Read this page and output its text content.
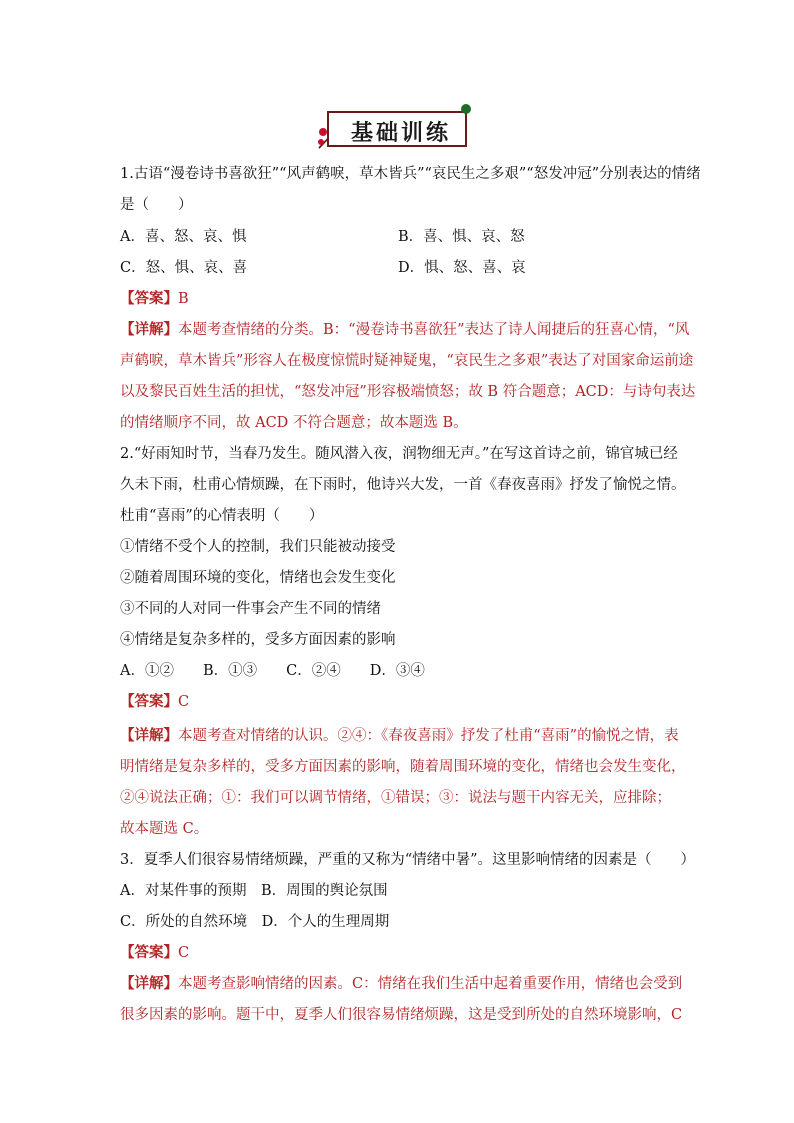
基础训练
1.古语“漫卷诗书喜欲狂”“风声鹤唳，草木皆兵”“哀民生之多艰”“怒发冲冠”分别表达的情绪
是（　　）
A．喜、怒、哀、惧	B．喜、惧、哀、怒
C．怒、惧、哀、喜	D．惧、怒、喜、哀
【答案】B
【详解】本题考查情绪的分类。B：“漫卷诗书喜欲狂”表达了诗人闻捷后的狂喜心情，“风
声鹤唳，草木皆兵”形容人在极度惊慌时疑神疑鬼，“哀民生之多艰”表达了对国家命运前途
以及黎民百姓生活的担忧，“怒发冲冠”形容极端愤怒；故 B 符合题意；ACD：与诗句表达
的情绪顺序不同，故 ACD 不符合题意；故本题选 B。
2.“好雨知时节，当春乃发生。随风潜入夜，润物细无声。”在写这首诗之前，锦官城已经
久未下雨，杜甫心情烦躁，在下雨时，他诗兴大发，一首《春夜喜雨》抒发了愉悦之情。
杜甫“喜雨”的心情表明（　　）
①情绪不受个人的控制，我们只能被动接受
②随着周围环境的变化，情绪也会发生变化
③不同的人对同一件事会产生不同的情绪
④情绪是复杂多样的，受多方面因素的影响
A．①②　　B．①③　　C．②④　　D．③④
【答案】C
【详解】本题考查对情绪的认识。②④：《春夜喜雨》抒发了杜甫“喜雨”的愉悦之情，表
明情绪是复杂多样的，受多方面因素的影响，随着周围环境的变化，情绪也会发生变化，
②④说法正确；①：我们可以调节情绪，①错误；③：说法与题干内容无关，应排除；
故本题选 C。
3．夏季人们很容易情绪烦躁，严重的又称为“情绪中暑”。这里影响情绪的因素是（　　）
A．对某件事的预期　B．周围的舆论氛围
C．所处的自然环境　D．个人的生理周期
【答案】C
【详解】本题考查影响情绪的因素。C：情绪在我们生活中起着重要作用，情绪也会受到
很多因素的影响。题干中，夏季人们很容易情绪烦躁，这是受到所处的自然环境影响，C
